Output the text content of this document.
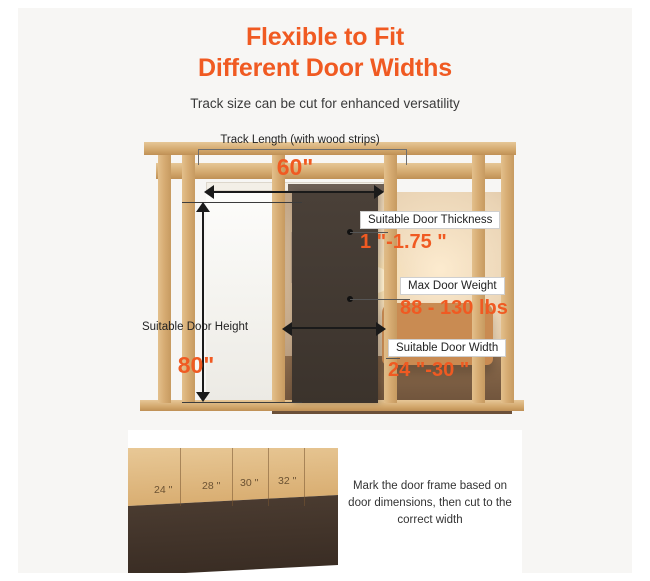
Flexible to Fit
Different Door Widths
Track size can be cut for enhanced versatility
Track Length (with wood strips)
60"
Suitable Door Height
80"
Suitable Door Thickness
1 "-1.75 "
Max Door Weight
88 - 130 lbs
Suitable Door Width
24 "-30 "
24 "	28 " 30 " 32 "	Mark the door frame based on door dimensions, then cut to the correct width
